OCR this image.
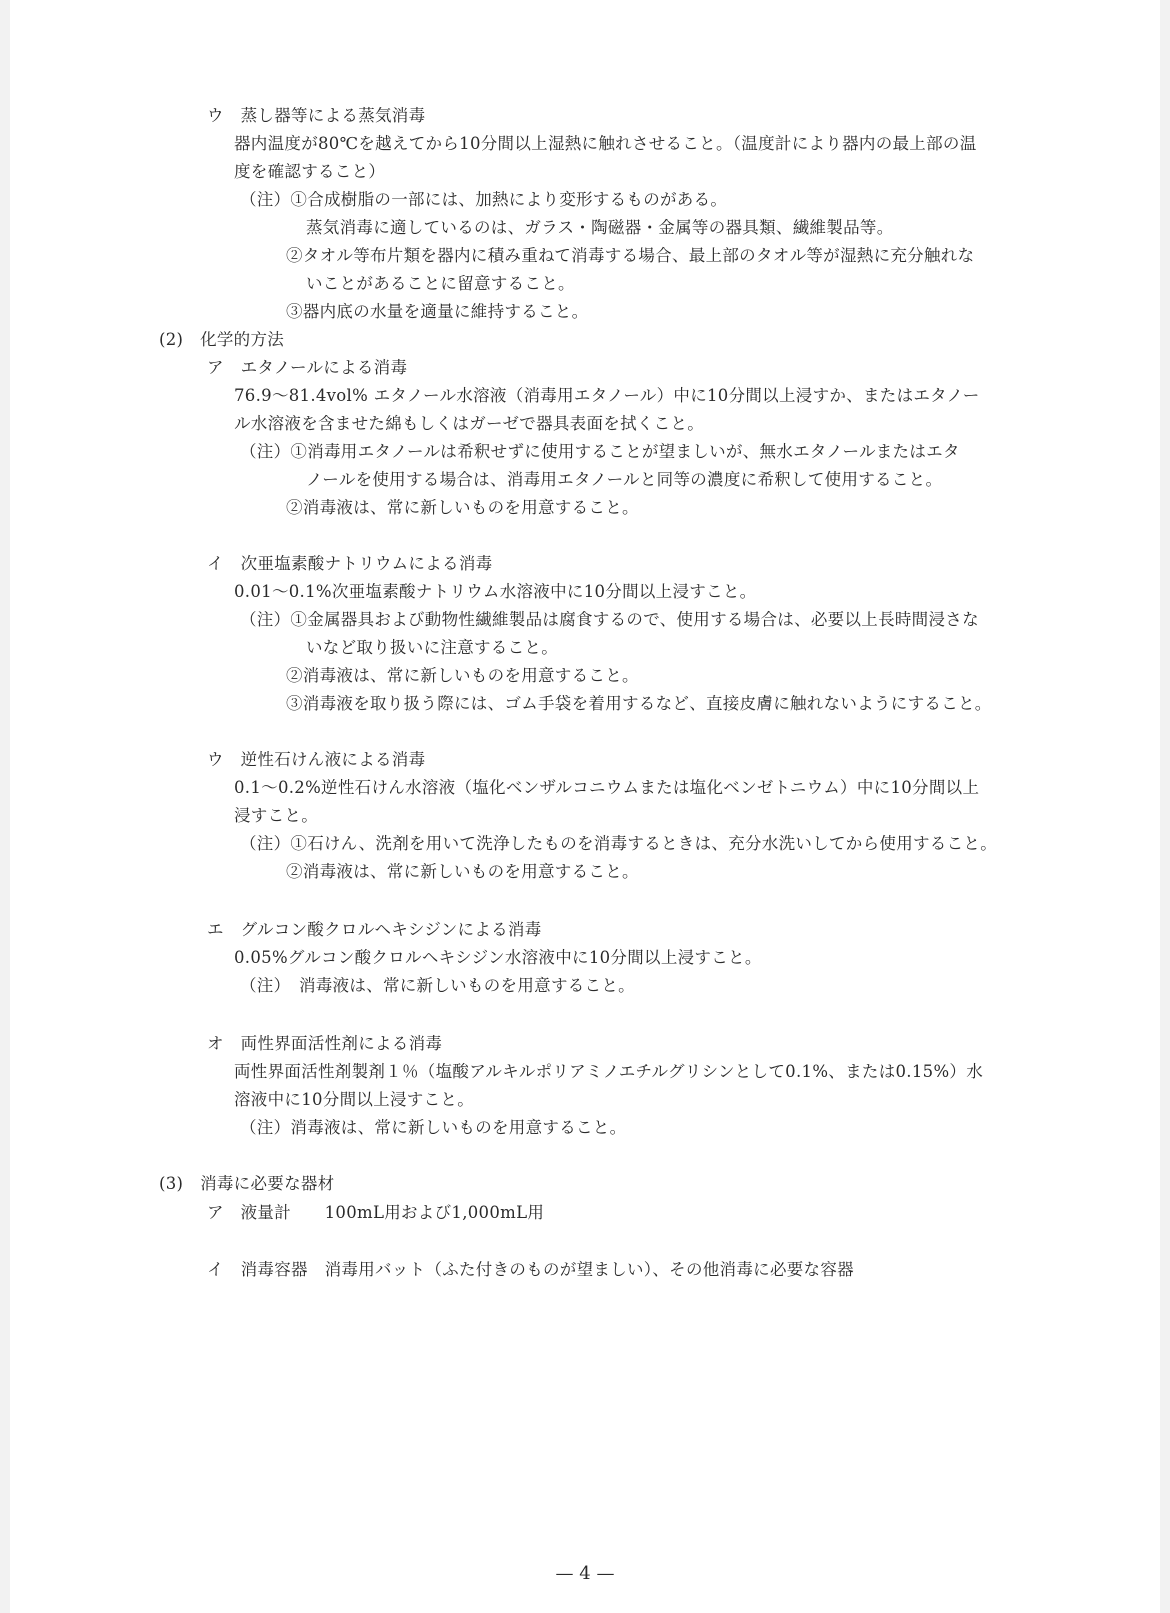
ウ　蒸し器等による蒸気消毒
器内温度が80℃を越えてから10分間以上湿熱に触れさせること。（温度計により器内の最上部の温
度を確認すること）
（注）①合成樹脂の一部には、加熱により変形するものがある。
蒸気消毒に適しているのは、ガラス・陶磁器・金属等の器具類、繊維製品等。
②タオル等布片類を器内に積み重ねて消毒する場合、最上部のタオル等が湿熱に充分触れな
いことがあることに留意すること。
③器内底の水量を適量に維持すること。
(2)　化学的方法
ア　エタノールによる消毒
76.9～81.4vol% エタノール水溶液（消毒用エタノール）中に10分間以上浸すか、またはエタノー
ル水溶液を含ませた綿もしくはガーゼで器具表面を拭くこと。
（注）①消毒用エタノールは希釈せずに使用することが望ましいが、無水エタノールまたはエタ
ノールを使用する場合は、消毒用エタノールと同等の濃度に希釈して使用すること。
②消毒液は、常に新しいものを用意すること。
イ　次亜塩素酸ナトリウムによる消毒
0.01～0.1%次亜塩素酸ナトリウム水溶液中に10分間以上浸すこと。
（注）①金属器具および動物性繊維製品は腐食するので、使用する場合は、必要以上長時間浸さな
いなど取り扱いに注意すること。
②消毒液は、常に新しいものを用意すること。
③消毒液を取り扱う際には、ゴム手袋を着用するなど、直接皮膚に触れないようにすること。
ウ　逆性石けん液による消毒
0.1～0.2%逆性石けん水溶液（塩化ベンザルコニウムまたは塩化ベンゼトニウム）中に10分間以上
浸すこと。
（注）①石けん、洗剤を用いて洗浄したものを消毒するときは、充分水洗いしてから使用すること。
②消毒液は、常に新しいものを用意すること。
エ　グルコン酸クロルヘキシジンによる消毒
0.05%グルコン酸クロルヘキシジン水溶液中に10分間以上浸すこと。
（注）　消毒液は、常に新しいものを用意すること。
オ　両性界面活性剤による消毒
両性界面活性剤製剤１％（塩酸アルキルポリアミノエチルグリシンとして0.1%、または0.15%）水
溶液中に10分間以上浸すこと。
（注）消毒液は、常に新しいものを用意すること。
(3)　消毒に必要な器材
ア　液量計　　100mL用および1,000mL用
イ　消毒容器　消毒用バット（ふた付きのものが望ましい）、その他消毒に必要な容器
— 4 —
